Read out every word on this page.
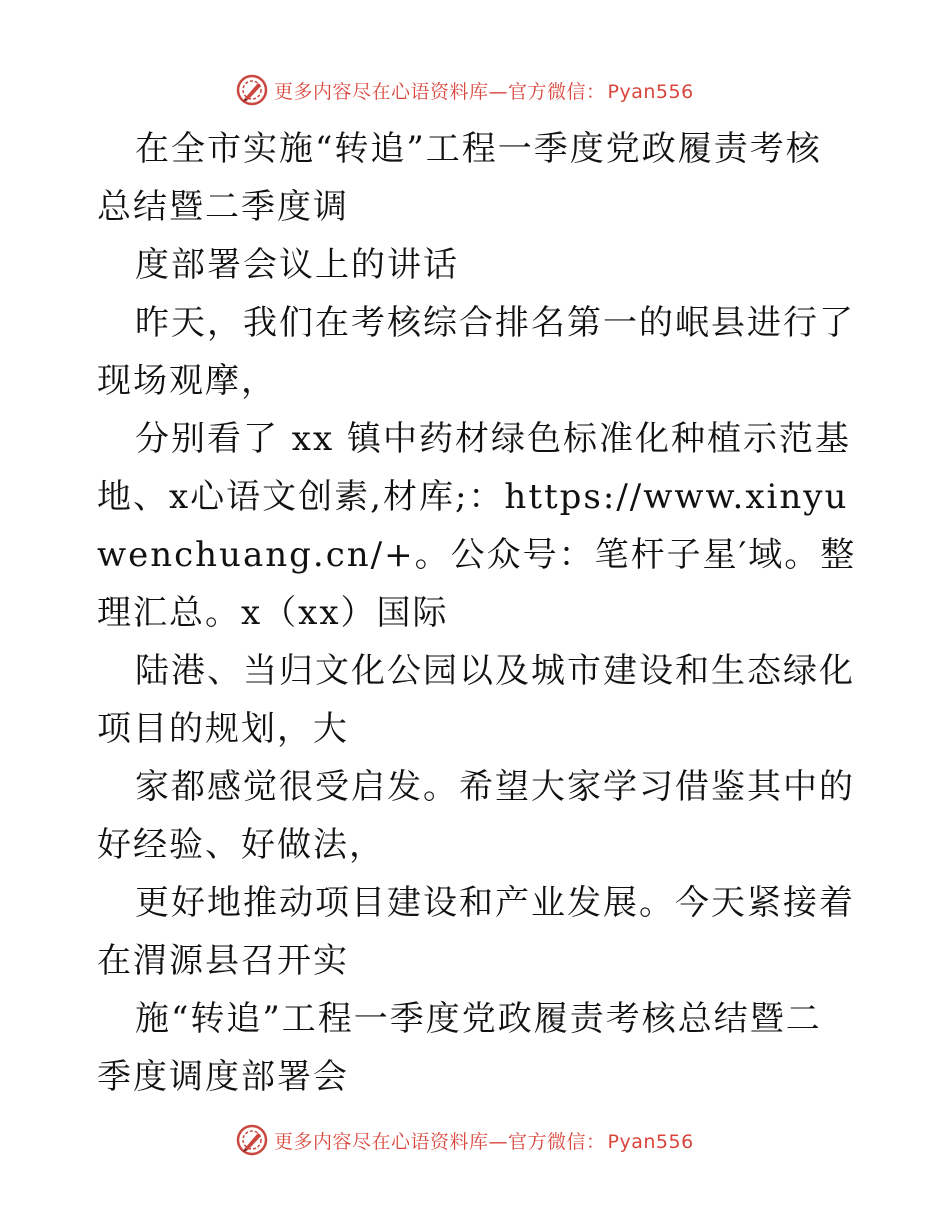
更多内容尽在心语资料库—官方微信： Pyan556

在全市实施“转追”工程一季度党政履责考核总结暨二季度调

度部署会议上的讲话

昨天，我们在考核综合排名第一的岷县进行了现场观摩，

分别看了 xx 镇中药材绿色标准化种植示范基地、x心语文创素,材库;：https://www.xinyuwenchuang.cn/+。公众号：笔杆子星′域。整理汇总。x（xx）国际

陆港、当归文化公园以及城市建设和生态绿化项目的规划，大

家都感觉很受启发。希望大家学习借鉴其中的好经验、好做法，

更好地推动项目建设和产业发展。今天紧接着在渭源县召开实

施“转追”工程一季度党政履责考核总结暨二季度调度部署会

更多内容尽在心语资料库—官方微信： Pyan556
